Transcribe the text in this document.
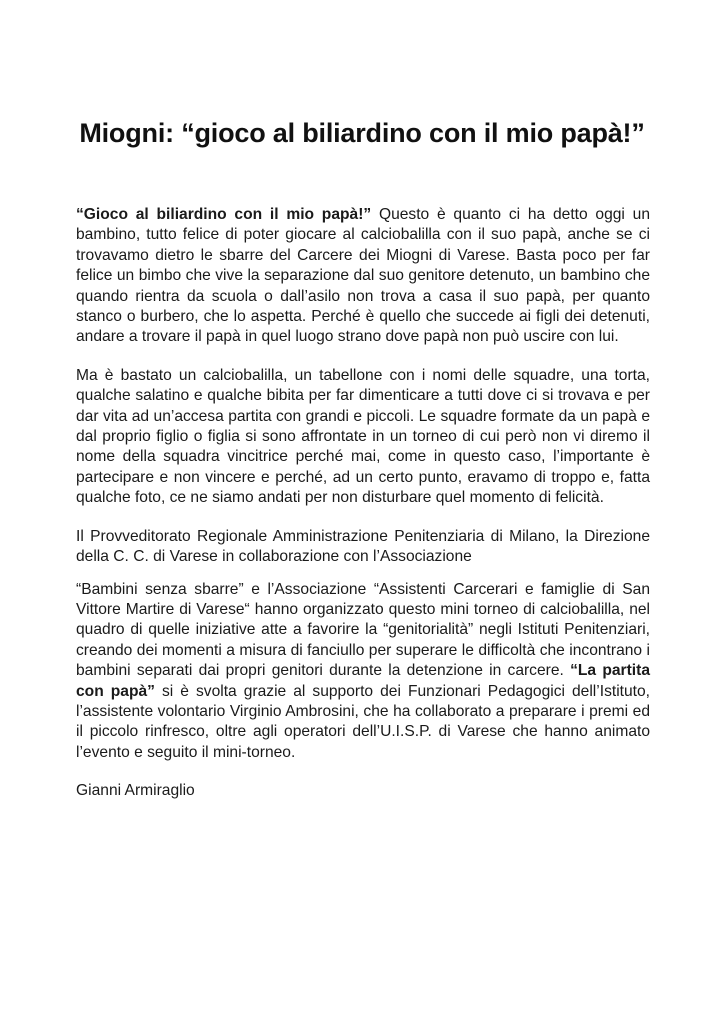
Miogni: “gioco al biliardino con il mio papà!”

“Gioco al biliardino con il mio papà!” Questo è quanto ci ha detto oggi un bambino, tutto felice di poter giocare al calciobalilla con il suo papà, anche se ci trovavamo dietro le sbarre del Carcere dei Miogni di Varese. Basta poco per far felice un bimbo che vive la separazione dal suo genitore detenuto, un bambino che quando rientra da scuola o dall’asilo non trova a casa il suo papà, per quanto stanco o burbero, che lo aspetta. Perché è quello che succede ai figli dei detenuti, andare a trovare il papà in quel luogo strano dove papà non può uscire con lui.

Ma è bastato un calciobalilla, un tabellone con i nomi delle squadre, una torta, qualche salatino e qualche bibita per far dimenticare a tutti dove ci si trovava e per dar vita ad un’accesa partita con grandi e piccoli. Le squadre formate da un papà e dal proprio figlio o figlia si sono affrontate in un torneo di cui però non vi diremo il nome della squadra vincitrice perché mai, come in questo caso, l’importante è partecipare e non vincere e perché, ad un certo punto, eravamo di troppo e, fatta qualche foto, ce ne siamo andati per non disturbare quel momento di felicità.

Il Provveditorato Regionale Amministrazione Penitenziaria di Milano, la Direzione della C. C. di Varese in collaborazione con l’Associazione

“Bambini senza sbarre” e l’Associazione “Assistenti Carcerari e famiglie di San Vittore Martire di Varese“ hanno organizzato questo mini torneo di calciobalilla, nel quadro di quelle iniziative atte a favorire la “genitorialità” negli Istituti Penitenziari, creando dei momenti a misura di fanciullo per superare le difficoltà che incontrano i bambini separati dai propri genitori durante la detenzione in carcere. “La partita con papà” si è svolta grazie al supporto dei Funzionari Pedagogici dell’Istituto, l’assistente volontario Virginio Ambrosini, che ha collaborato a preparare i premi ed il piccolo rinfresco, oltre agli operatori dell’U.I.S.P. di Varese che hanno animato l’evento e seguito il mini-torneo.

Gianni Armiraglio
